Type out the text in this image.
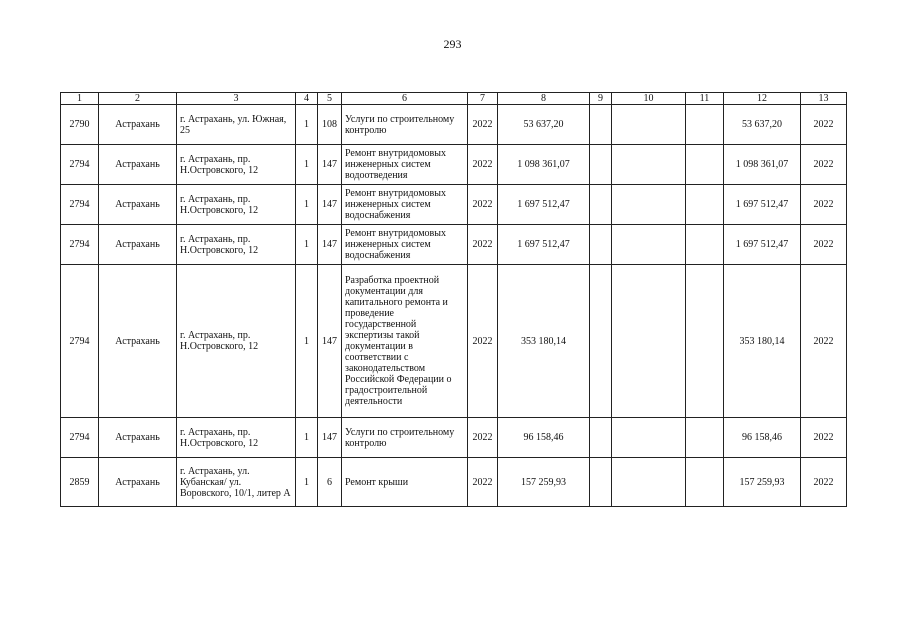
293
1	2	3	4	5	6	7	8	9	10	11	12	13
2790	Астрахань	г. Астрахань, ул. Южная, 25	1	108	Услуги по строительному контролю	2022	53 637,20				53 637,20	2022
2794	Астрахань	г. Астрахань, пр. Н.Островского, 12	1	147	Ремонт внутридомовых инженерных систем водоотведения	2022	1 098 361,07				1 098 361,07	2022
2794	Астрахань	г. Астрахань, пр. Н.Островского, 12	1	147	Ремонт внутридомовых инженерных систем водоснабжения	2022	1 697 512,47				1 697 512,47	2022
2794	Астрахань	г. Астрахань, пр. Н.Островского, 12	1	147	Ремонт внутридомовых инженерных систем водоснабжения	2022	1 697 512,47				1 697 512,47	2022
2794	Астрахань	г. Астрахань, пр. Н.Островского, 12	1	147	Разработка проектной документации для капитального ремонта и проведение государственной экспертизы такой документации в соответствии с законодательством Российской Федерации о градостроительной деятельности	2022	353 180,14				353 180,14	2022
2794	Астрахань	г. Астрахань, пр. Н.Островского, 12	1	147	Услуги по строительному контролю	2022	96 158,46				96 158,46	2022
2859	Астрахань	г. Астрахань, ул. Кубанская/ ул. Воровского, 10/1, литер А	1	6	Ремонт крыши	2022	157 259,93				157 259,93	2022
